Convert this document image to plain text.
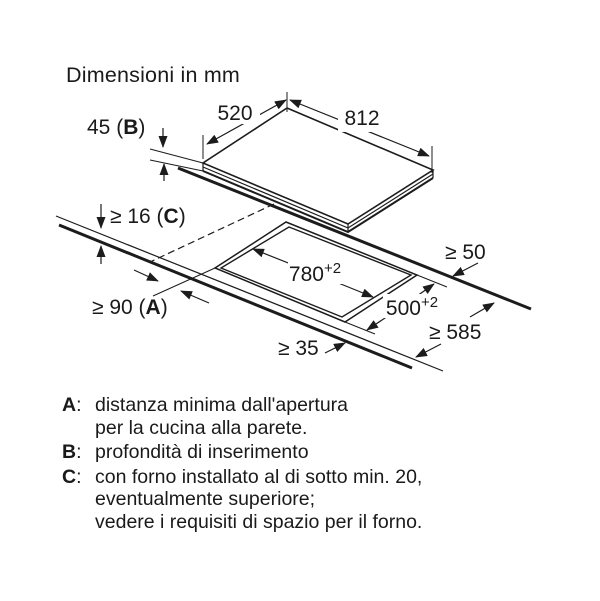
Dimensioni in mm
45 (B)
520	812
≥ 16 (C)
≥ 50
$780^{+2}$
$500^{+2}$
≥ 90 (A)
≥ 585
≥ 35
A: distanza minima dall'apertura
per la cucina alla parete.
B: profondità di inserimento
C: con forno installato al di sotto min. 20,
eventualmente superiore;
vedere i requisiti di spazio per il forno.
